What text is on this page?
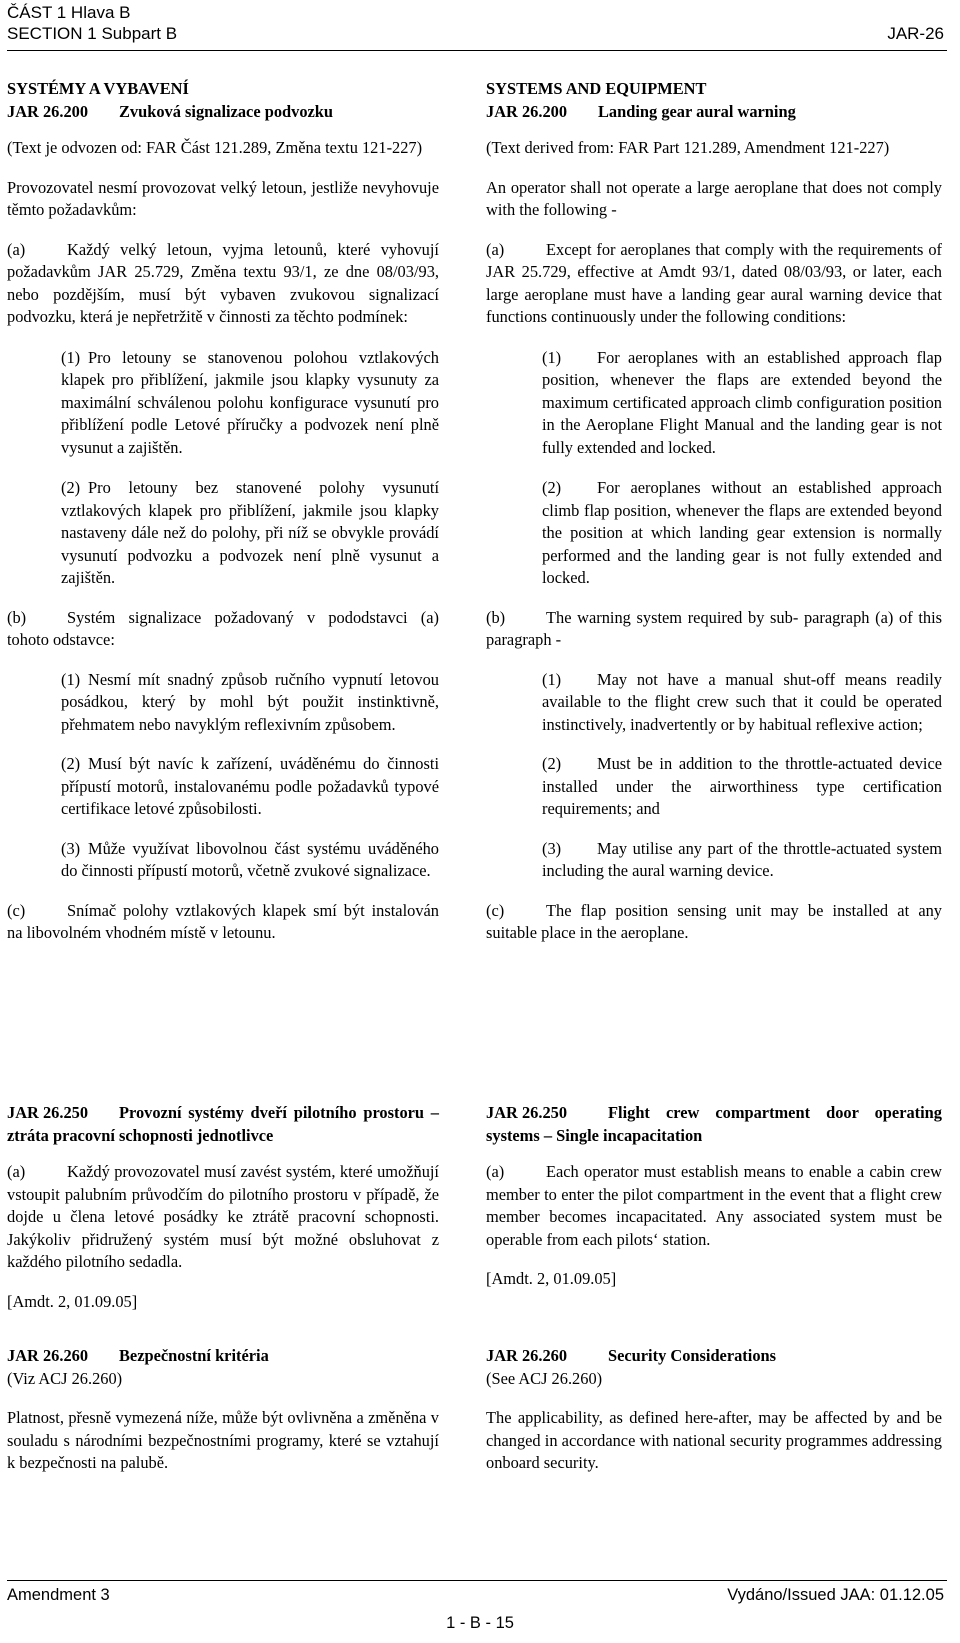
ČÁST 1 Hlava B
SECTION 1 Subpart B	JAR-26

SYSTÉMY A VYBAVENÍ

JAR 26.200 Zvuková signalizace podvozku

(Text je odvozen od: FAR Část 121.289, Změna textu 121-227)

Provozovatel nesmí provozovat velký letoun, jestliže nevyhovuje těmto požadavkům:

(a)	Každý velký letoun, vyjma letounů, které vyhovují požadavkům JAR 25.729, Změna textu 93/1, ze dne 08/03/93, nebo pozdějším, musí být vybaven zvukovou signalizací podvozku, která je nepřetržitě v činnosti za těchto podmínek:

(1) Pro letouny se stanovenou polohou vztlakových klapek pro přiblížení, jakmile jsou klapky vysunuty za maximální schválenou polohu konfigurace vysunutí pro přiblížení podle Letové příručky a podvozek není plně vysunut a zajištěn.

(2) Pro letouny bez stanovené polohy vysunutí vztlakových klapek pro přiblížení, jakmile jsou klapky nastaveny dále než do polohy, při níž se obvykle provádí vysunutí podvozku a podvozek není plně vysunut a zajištěn.

(b) Systém signalizace požadovaný v pododstavci (a) tohoto odstavce:

(1) Nesmí mít snadný způsob ručního vypnutí letovou posádkou, který by mohl být použit instinktivně, přehmatem nebo navyklým reflexivním způsobem.

(2) Musí být navíc k zařízení, uváděnému do činnosti přípustí motorů, instalovanému podle požadavků typové certifikace letové způsobilosti.

(3) Může využívat libovolnou část systému uváděného do činnosti přípustí motorů, včetně zvukové signalizace.

(c)	Snímač polohy vztlakových klapek smí být instalován na libovolném vhodném místě v letounu.

JAR 26.250 Provozní systémy dveří pilotního prostoru – ztráta pracovní schopnosti jednotlivce

(a)	Každý provozovatel musí zavést systém, které umožňují vstoupit palubním průvodčím do pilotního prostoru v případě, že dojde u člena letové posádky ke ztrátě pracovní schopnosti. Jakýkoliv přidružený systém musí být možné obsluhovat z každého pilotního sedadla.

[Amdt. 2, 01.09.05]

JAR 26.260 Bezpečnostní kritéria

(Viz ACJ 26.260)

Platnost, přesně vymezená níže, může být ovlivněna a změněna v souladu s národními bezpečnostními programy, které se vztahují k bezpečnosti na palubě.

SYSTEMS AND EQUIPMENT

JAR 26.200 Landing gear aural warning

(Text derived from: FAR Part 121.289, Amendment 121-227)

An operator shall not operate a large aeroplane that does not comply with the following -

(a)	Except for aeroplanes that comply with the requirements of JAR 25.729, effective at Amdt 93/1, dated 08/03/93, or later, each large aeroplane must have a landing gear aural warning device that functions continuously under the following conditions:

(1) For aeroplanes with an established approach flap position, whenever the flaps are extended beyond the maximum certificated approach climb configuration position in the Aeroplane Flight Manual and the landing gear is not fully extended and locked.

(2) For aeroplanes without an established approach climb flap position, whenever the flaps are extended beyond the position at which landing gear extension is normally performed and the landing gear is not fully extended and locked.

(b) The warning system required by sub- paragraph (a) of this paragraph -

(1) May not have a manual shut-off means readily available to the flight crew such that it could be operated instinctively, inadvertently or by habitual reflexive action;

(2) Must be in addition to the throttle-actuated device installed under the airworthiness type certification requirements; and

(3) May utilise any part of the throttle-actuated system including the aural warning device.

(c)	The flap position sensing unit may be installed at any suitable place in the aeroplane.

JAR 26.250 Flight crew compartment door operating systems – Single incapacitation

(a)	Each operator must establish means to enable a cabin crew member to enter the pilot compartment in the event that a flight crew member becomes incapacitated. Any associated system must be operable from each pilots‘ station.

[Amdt. 2, 01.09.05]

JAR 26.260 Security Considerations

(See ACJ 26.260)

The applicability, as defined here-after, may be affected by and be changed in accordance with national security programmes addressing onboard security.

Amendment 3	Vydáno/Issued JAA: 01.12.05
1 - B - 15
